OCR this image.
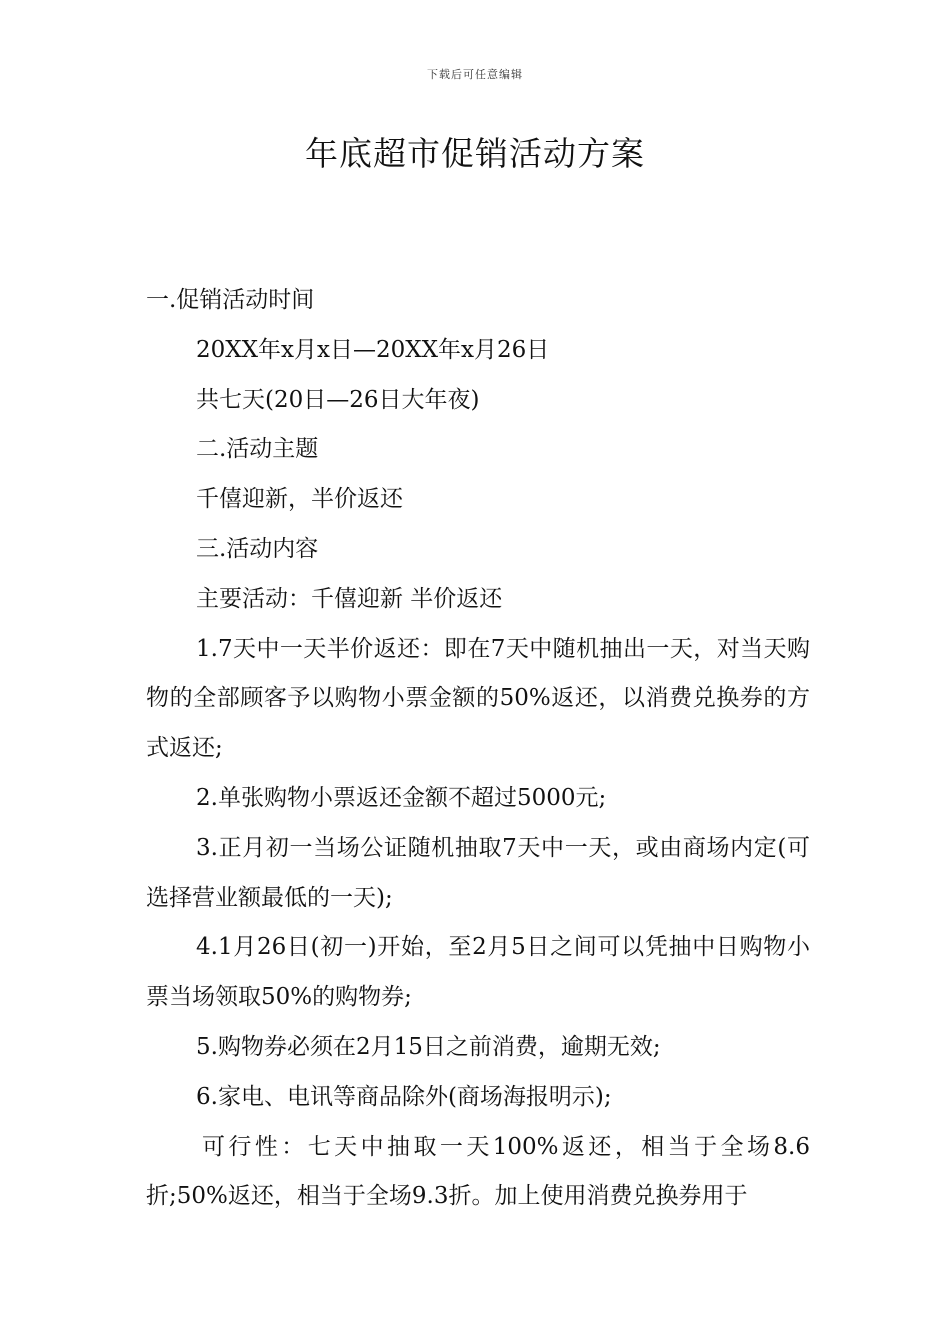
下载后可任意编辑
年底超市促销活动方案

一.促销活动时间

20XX年x月x日—20XX年x月26日

共七天(20日—26日大年夜)

二.活动主题

千僖迎新，半价返还

三.活动内容

主要活动：千僖迎新 半价返还

1.7天中一天半价返还：即在7天中随机抽出一天，对当天购物的全部顾客予以购物小票金额的50%返还，以消费兑换券的方式返还;

2.单张购物小票返还金额不超过5000元;

3.正月初一当场公证随机抽取7天中一天，或由商场内定(可选择营业额最低的一天);

4.1月26日(初一)开始，至2月5日之间可以凭抽中日购物小票当场领取50%的购物券;

5.购物券必须在2月15日之前消费，逾期无效;

6.家电、电讯等商品除外(商场海报明示);

可行性：七天中抽取一天100%返还，相当于全场8.6折;50%返还，相当于全场9.3折。加上使用消费兑换券用于
